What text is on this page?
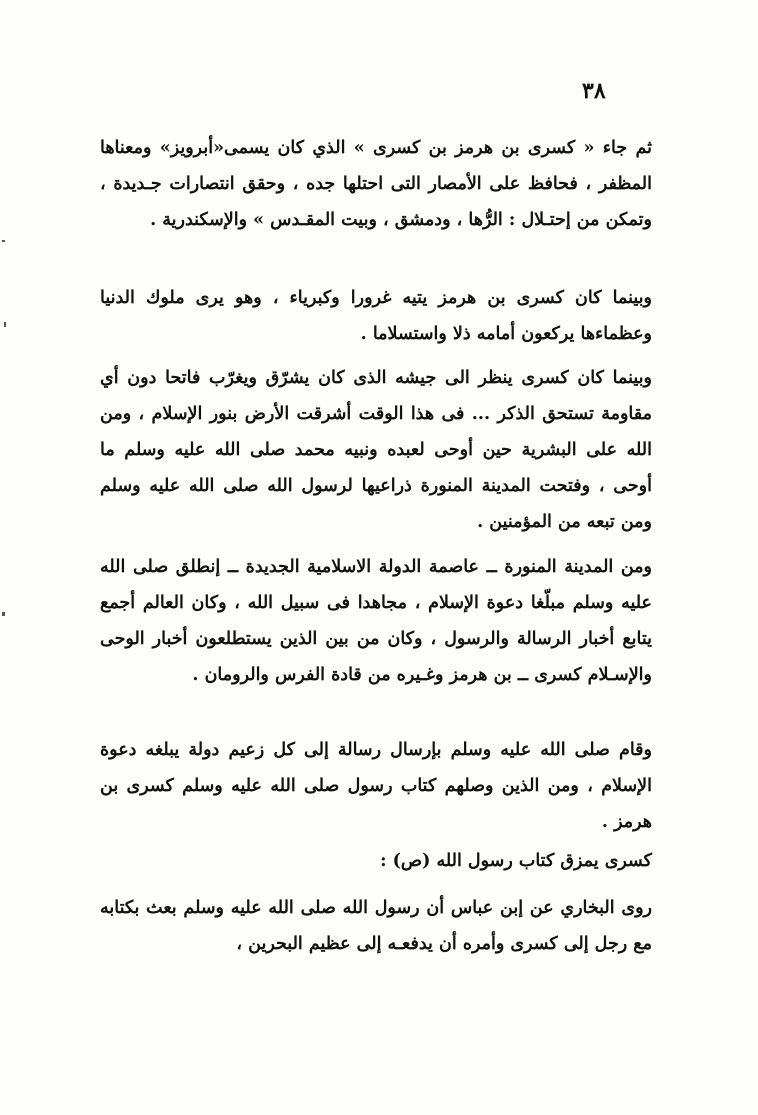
٣٨

ثم جاء « كسرى بن هرمز بن كسرى » الذي كان يسمى«أبرويز» ومعناها المظفر ، فحافظ على الأمصار التى احتلها جده ، وحقق انتصارات جـديدة ، وتمكن من إحتـلال : الرُّها ، ودمشق ، وبيت المقـدس » والإسكندرية .

وبينما كان كسرى بن هرمز يتيه غرورا وكبرياء ، وهو يرى ملوك الدنيا وعظماءها يركعون أمامه ذلا واستسلاما .

وبينما كان كسرى ينظر الى جيشه الذى كان يشرّق ويغرّب فاتحا دون أي مقاومة تستحق الذكر ... فى هذا الوقت أشرقت الأرض بنور الإسلام ، ومن الله على البشرية حين أوحى لعبده ونبيه محمد صلى الله عليه وسلم ما أوحى ، وفتحت المدينة المنورة ذراعيها لرسول الله صلى الله عليه وسلم ومن تبعه من المؤمنين .

ومن المدينة المنورة ــ عاصمة الدولة الاسلامية الجديدة ــ إنطلق صلى الله عليه وسلم مبلّغا دعوة الإسلام ، مجاهدا فى سبيل الله ، وكان العالم أجمع يتابع أخبار الرسالة والرسول ، وكان من بين الذين يستطلعون أخبار الوحى والإسـلام كسرى ــ بن هرمز وغـيره من قادة الفرس والرومان .

وقام صلى الله عليه وسلم بإرسال رسالة إلى كل زعيم دولة يبلغه دعوة الإسلام ، ومن الذين وصلهم كتاب رسول صلى الله عليه وسلم كسرى بن هرمز .

كسرى يمزق كتاب رسول الله (ص) :

روى البخاري عن إبن عباس أن رسول الله صلى الله عليه وسلم بعث بكتابه مع رجل إلى كسرى وأمره أن يدفعـه إلى عظيم البحرين ،
